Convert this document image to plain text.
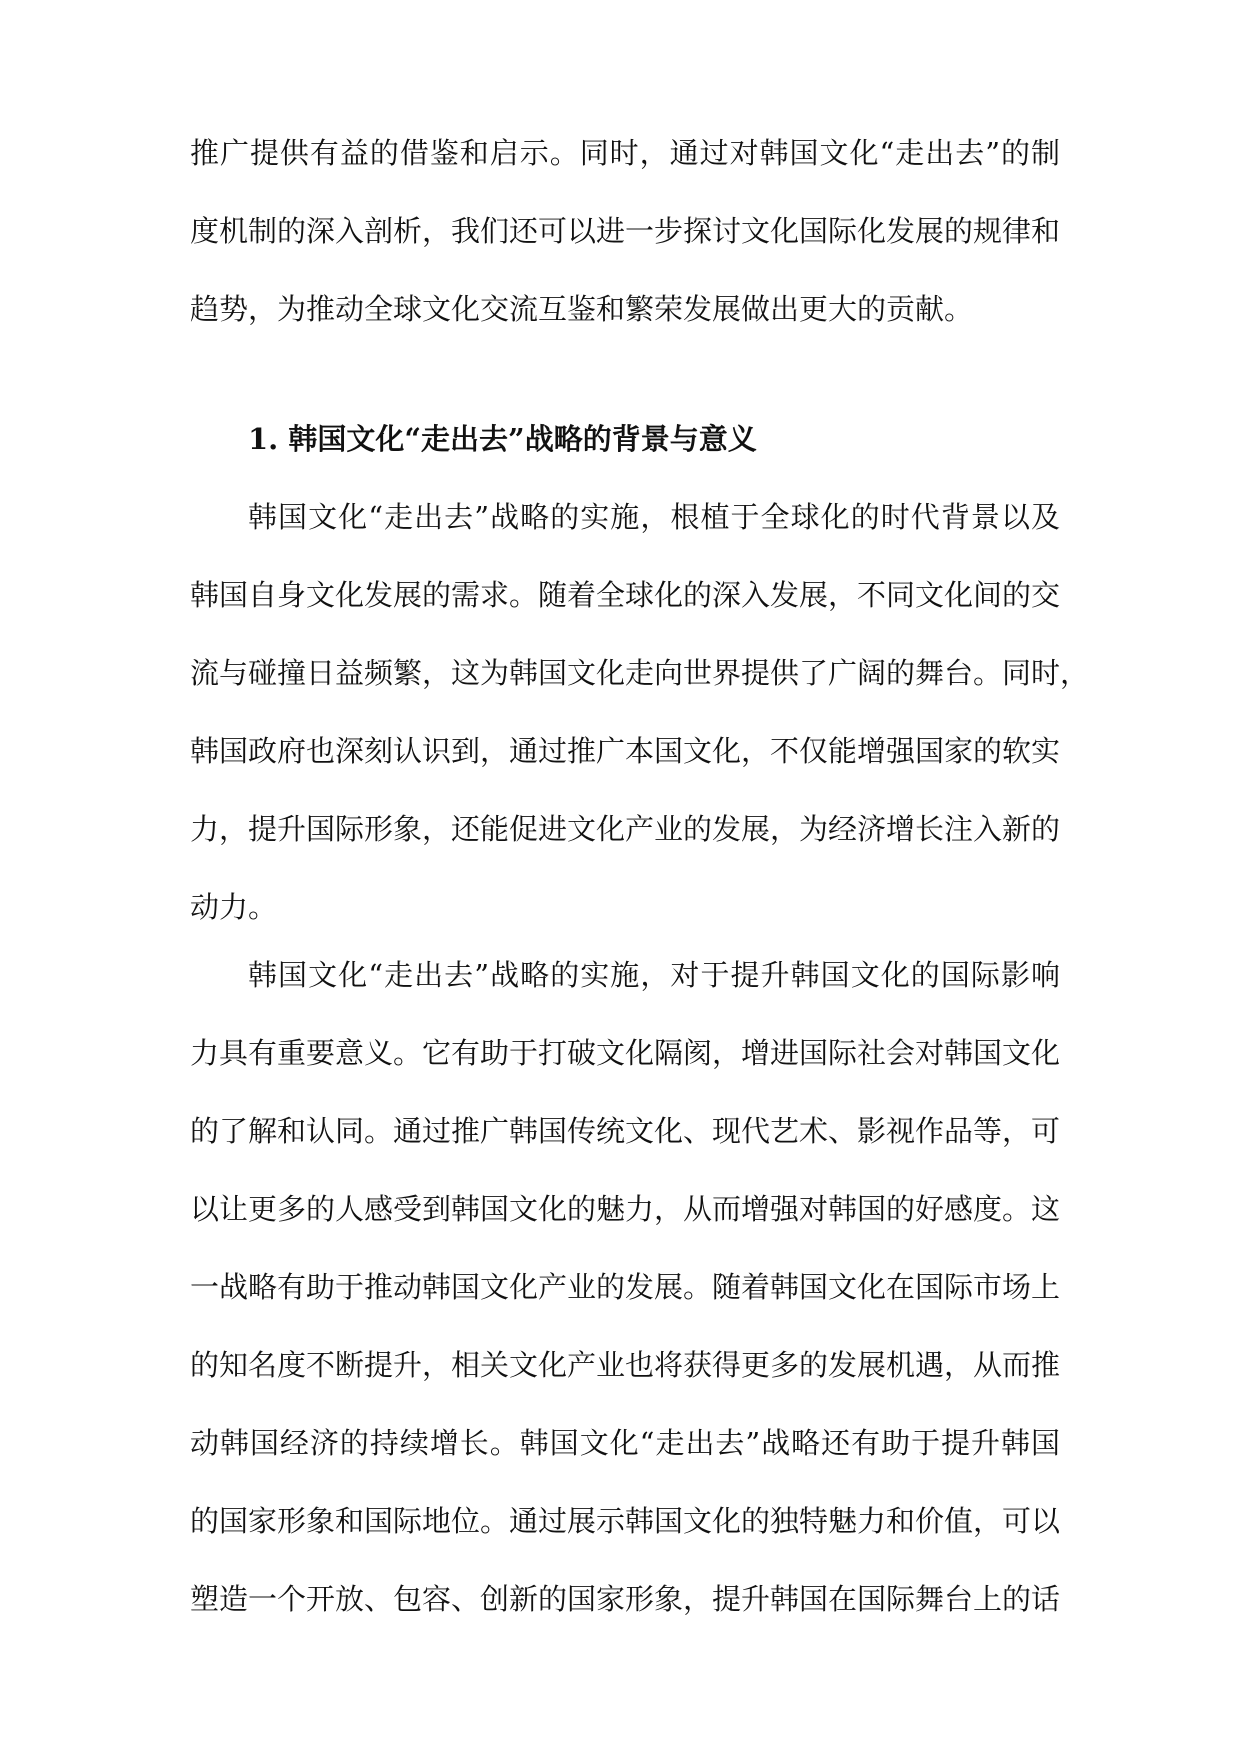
推广提供有益的借鉴和启示。同时，通过对韩国文化“走出去”的制
度机制的深入剖析，我们还可以进一步探讨文化国际化发展的规律和
趋势，为推动全球文化交流互鉴和繁荣发展做出更大的贡献。
1. 韩国文化“走出去”战略的背景与意义
韩国文化“走出去”战略的实施，根植于全球化的时代背景以及
韩国自身文化发展的需求。随着全球化的深入发展，不同文化间的交
流与碰撞日益频繁，这为韩国文化走向世界提供了广阔的舞台。同时，
韩国政府也深刻认识到，通过推广本国文化，不仅能增强国家的软实
力，提升国际形象，还能促进文化产业的发展，为经济增长注入新的
动力。
韩国文化“走出去”战略的实施，对于提升韩国文化的国际影响
力具有重要意义。它有助于打破文化隔阂，增进国际社会对韩国文化
的了解和认同。通过推广韩国传统文化、现代艺术、影视作品等，可
以让更多的人感受到韩国文化的魅力，从而增强对韩国的好感度。这
一战略有助于推动韩国文化产业的发展。随着韩国文化在国际市场上
的知名度不断提升，相关文化产业也将获得更多的发展机遇，从而推
动韩国经济的持续增长。韩国文化“走出去”战略还有助于提升韩国
的国家形象和国际地位。通过展示韩国文化的独特魅力和价值，可以
塑造一个开放、包容、创新的国家形象，提升韩国在国际舞台上的话
